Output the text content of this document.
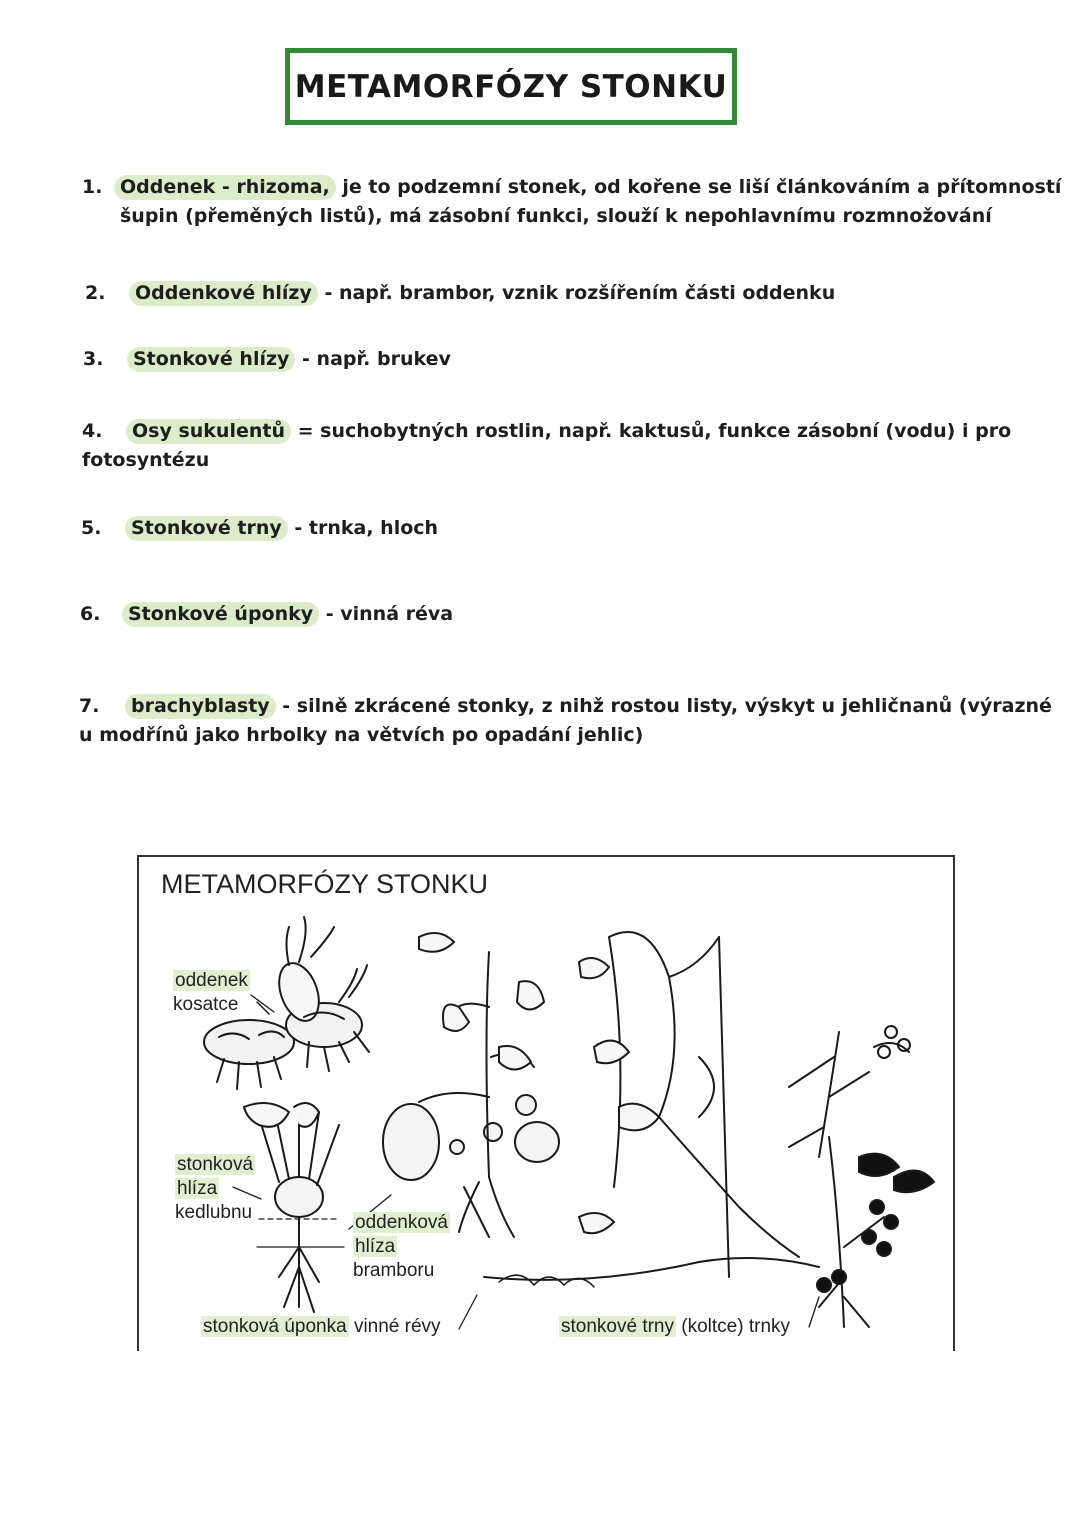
METAMORFÓZY STONKU
1. Oddenek - rhizoma, je to podzemní stonek, od kořene se liší článkováním a přítomností
šupin (přeměných listů), má zásobní funkci, slouží k nepohlavnímu rozmnožování
2. Oddenkové hlízy - např. brambor, vznik rozšířením části oddenku
3. Stonkové hlízy - např. brukev
4. Osy sukulentů = suchobytných rostlin, např. kaktusů, funkce zásobní (vodu) i pro
fotosyntézu
5. Stonkové trny - trnka, hloch
6. Stonkové úponky - vinná réva
7. brachyblasty - silně zkrácené stonky, z nihž rostou listy, výskyt u jehličnanů (výrazné
u modřínů jako hrbolky na větvích po opadání jehlic)
METAMORFÓZY STONKU
oddenek
kosatce
stonková
hlíza
kedlubnu	oddenková
hlíza
bramboru
stonková úponka vinné révy	stonkové trny (koltce) trnky
